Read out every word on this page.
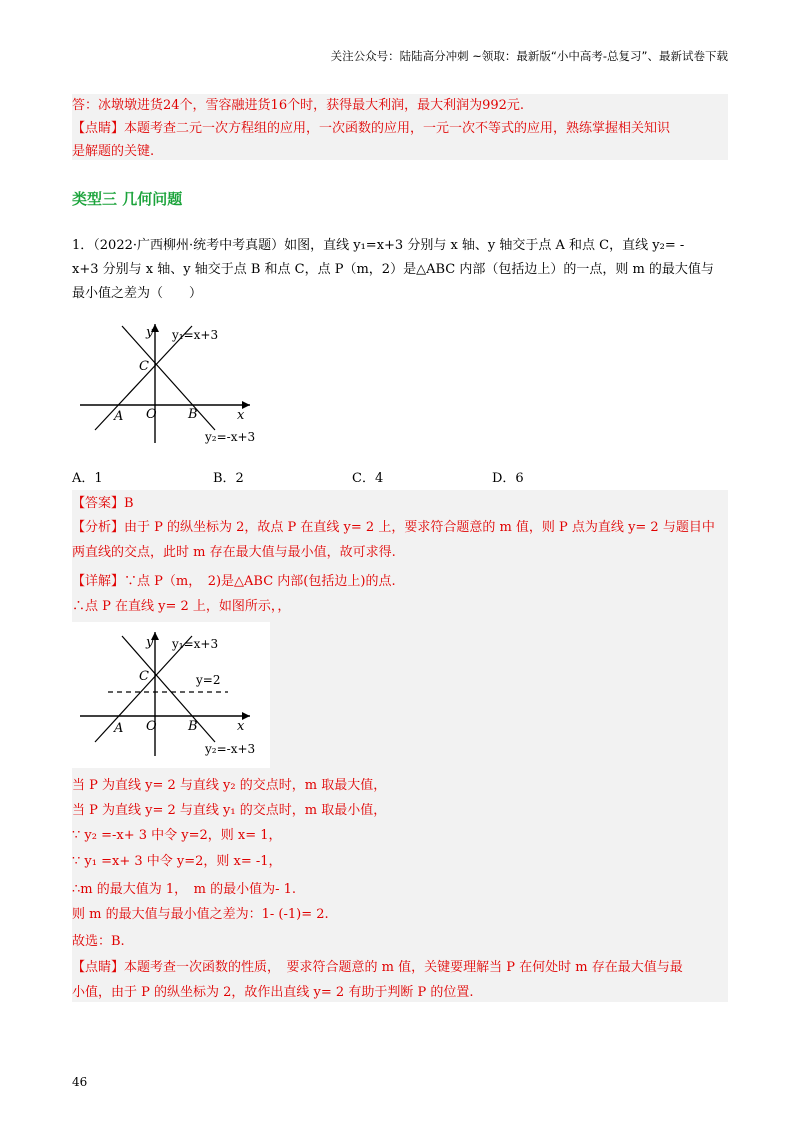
关注公众号：陆陆高分冲刺 ~领取：最新版“小中高考-总复习”、最新试卷下载
答：冰墩墩进货24个，雪容融进货16个时，获得最大利润，最大利润为992元.
【点睛】本题考查二元一次方程组的应用，一次函数的应用，一元一次不等式的应用，熟练掌握相关知识
是解题的关键.
类型三 几何问题
1．（2022·广西柳州·统考中考真题）如图，直线 y₁=x+3 分别与 x 轴、y 轴交于点 A 和点 C，直线 y₂= -
x+3 分别与 x 轴、y 轴交于点 B 和点 C，点 P（m，2）是△ABC 内部（包括边上）的一点，则 m 的最大值与
最小值之差为（　　）
y
x
O
A	B
C
y₁=x+3
y₂=-x+3
A．1	B．2	C．4	D．6
【答案】B
【分析】由于 P 的纵坐标为 2，故点 P 在直线 y= 2 上，要求符合题意的 m 值，则 P 点为直线 y= 2 与题目中
两直线的交点，此时 m 存在最大值与最小值，故可求得.
【详解】∵点 P（m，　2)是△ABC 内部(包括边上)的点.
∴点 P 在直线 y= 2 上，如图所示，，
y
x
O
A	B
C
y₁=x+3
y=2
y₂=-x+3
当 P 为直线 y= 2 与直线 y₂ 的交点时，m 取最大值，
当 P 为直线 y= 2 与直线 y₁ 的交点时，m 取最小值，
∵ y₂ =-x+ 3 中令 y=2，则 x= 1，
∵ y₁ =x+ 3 中令 y=2，则 x= -1，
∴m 的最大值为 1，　m 的最小值为- 1.
则 m 的最大值与最小值之差为：1- (-1)= 2.
故选：B.
【点睛】本题考查一次函数的性质，　要求符合题意的 m 值，关键要理解当 P 在何处时 m 存在最大值与最
小值，由于 P 的纵坐标为 2，故作出直线 y= 2 有助于判断 P 的位置.
46
